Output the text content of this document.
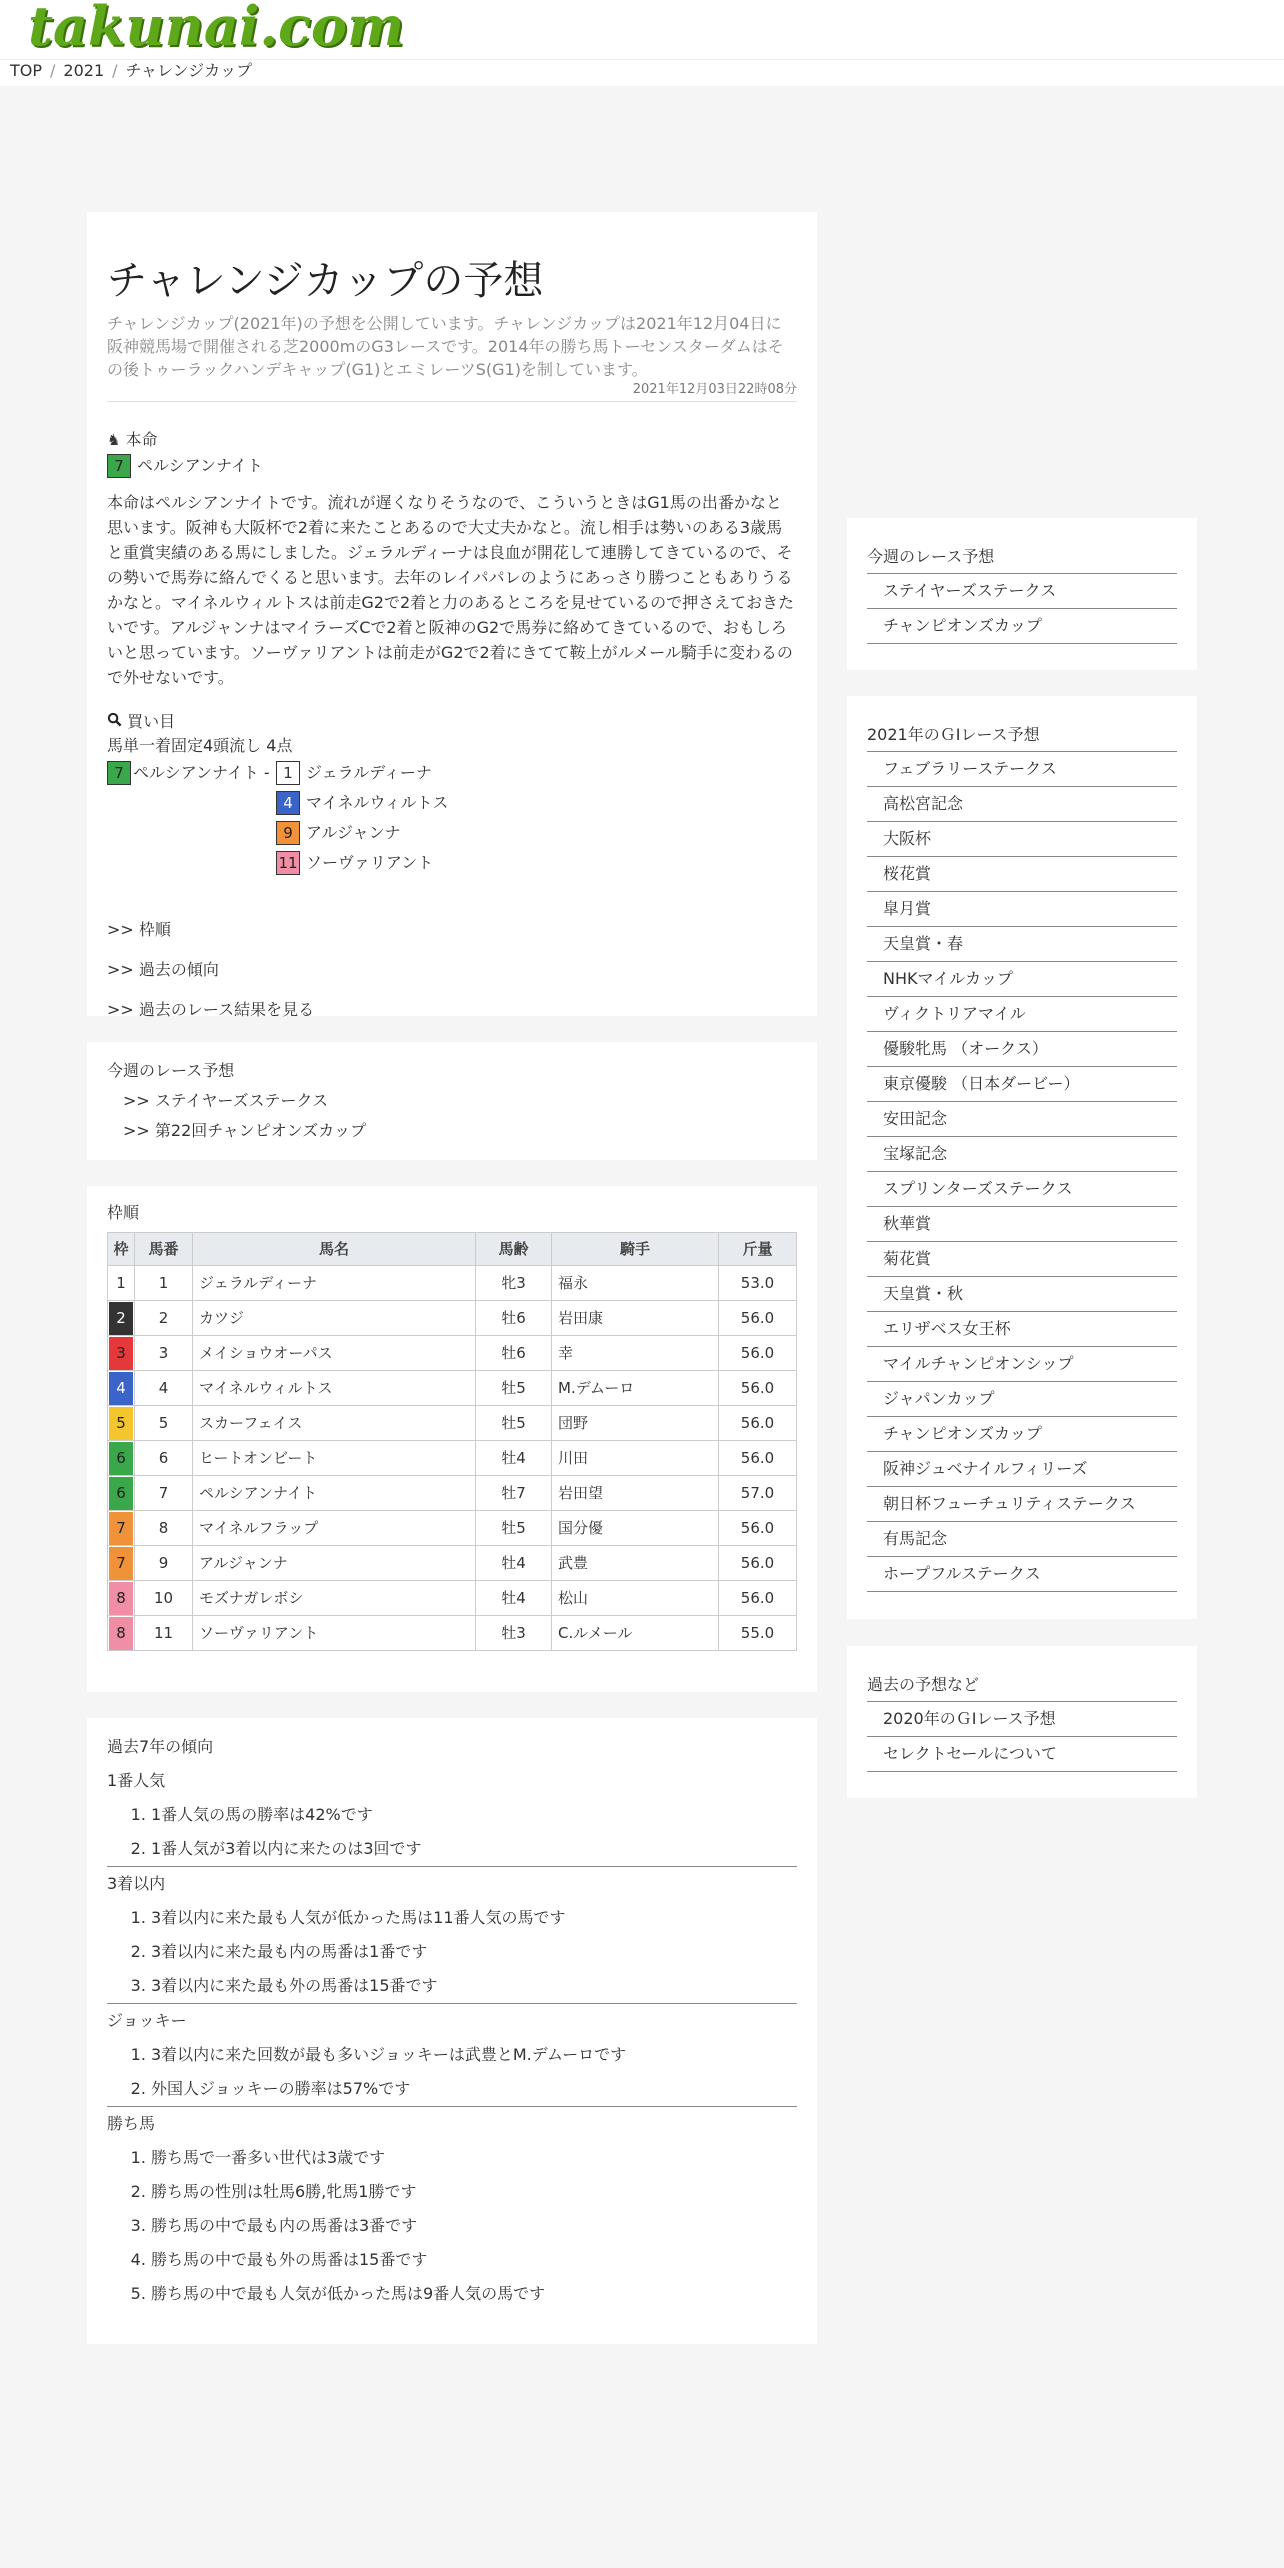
takunai.com
TOP / 2021 / チャレンジカップ
チャレンジカップの予想

チャレンジカップ(2021年)の予想を公開しています。チャレンジカップは2021年12月04日に阪神競馬場で開催される芝2000mのG3レースです。2014年の勝ち馬トーセンスターダムはその後トゥーラックハンデキャップ(G1)とエミレーツS(G1)を制しています。

2021年12月03日22時08分
♞ 本命
7 ペルシアンナイト

本命はペルシアンナイトです。流れが遅くなりそうなので、こういうときはG1馬の出番かなと思います。阪神も大阪杯で2着に来たことあるので大丈夫かなと。流し相手は勢いのある3歳馬と重賞実績のある馬にしました。ジェラルディーナは良血が開花して連勝してきているので、その勢いで馬券に絡んでくると思います。去年のレイパパレのようにあっさり勝つこともありうるかなと。マイネルウィルトスは前走G2で2着と力のあるところを見せているので押さえておきたいです。アルジャンナはマイラーズCで2着と阪神のG2で馬券に絡めてきているので、おもしろいと思っています。ソーヴァリアントは前走がG2で2着にきてて鞍上がルメール騎手に変わるので外せないです。

買い目
馬単一着固定4頭流し 4点
7 ペルシアンナイト - 1 ジェラルディーナ
4 マイネルウィルトス
9 アルジャンナ
11 ソーヴァリアント
>> 枠順
>> 過去の傾向
>> 過去のレース結果を見る
今週のレース予想
>> ステイヤーズステークス
>> 第22回チャンピオンズカップ
枠順
枠	馬番	馬名	馬齢	騎手	斤量
1	1	ジェラルディーナ	牝3	福永	53.0
2	2	カツジ	牡6	岩田康	56.0
3	3	メイショウオーパス	牡6	幸	56.0
4	4	マイネルウィルトス	牡5	M.デムーロ	56.0
5	5	スカーフェイス	牡5	団野	56.0
6	6	ヒートオンビート	牡4	川田	56.0
6	7	ペルシアンナイト	牡7	岩田望	57.0
7	8	マイネルフラップ	牡5	国分優	56.0
7	9	アルジャンナ	牡4	武豊	56.0
8	10	モズナガレボシ	牡4	松山	56.0
8	11	ソーヴァリアント	牡3	C.ルメール	55.0
過去7年の傾向
1番人気
1. 1番人気の馬の勝率は42%です
2. 1番人気が3着以内に来たのは3回です
3着以内
1. 3着以内に来た最も人気が低かった馬は11番人気の馬です
2. 3着以内に来た最も内の馬番は1番です
3. 3着以内に来た最も外の馬番は15番です
ジョッキー
1. 3着以内に来た回数が最も多いジョッキーは武豊とM.デムーロです
2. 外国人ジョッキーの勝率は57%です
勝ち馬
1. 勝ち馬で一番多い世代は3歳です
2. 勝ち馬の性別は牡馬6勝,牝馬1勝です
3. 勝ち馬の中で最も内の馬番は3番です
4. 勝ち馬の中で最も外の馬番は15番です
5. 勝ち馬の中で最も人気が低かった馬は9番人気の馬です
今週のレース予想
ステイヤーズステークス
チャンピオンズカップ
2021年のＧⅠレース予想
フェブラリーステークス
高松宮記念
大阪杯
桜花賞
皐月賞
天皇賞・春
NHKマイルカップ
ヴィクトリアマイル
優駿牝馬 （オークス）
東京優駿 （日本ダービー）
安田記念
宝塚記念
スプリンターズステークス
秋華賞
菊花賞
天皇賞・秋
エリザベス女王杯
マイルチャンピオンシップ
ジャパンカップ
チャンピオンズカップ
阪神ジュベナイルフィリーズ
朝日杯フューチュリティステークス
有馬記念
ホープフルステークス
過去の予想など
2020年のＧⅠレース予想
セレクトセールについて
